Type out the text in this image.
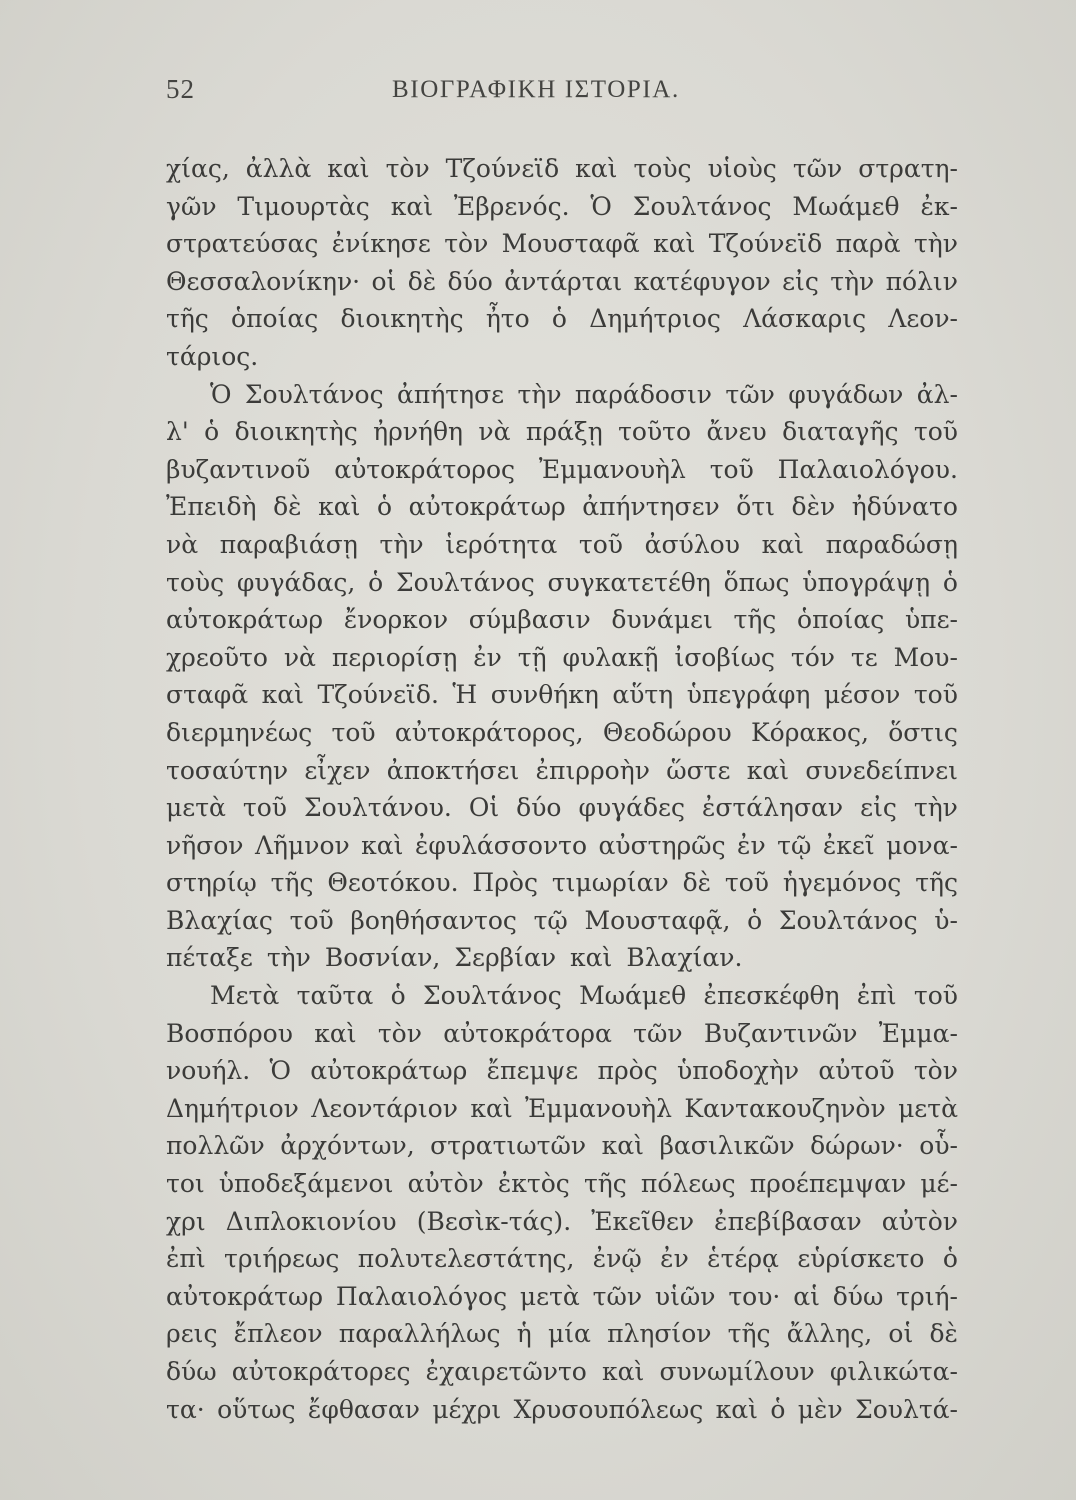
52	ΒΙΟΓΡΑΦΙΚΗ ΙΣΤΟΡΙΑ.
χίας, ἀλλὰ καὶ τὸν Τζούνεϊδ καὶ τοὺς υἱοὺς τῶν στρατη-
γῶν Τιμουρτὰς καὶ Ἐβρενός. Ὁ Σουλτάνος Μωάμεθ ἐκ-
στρατεύσας ἐνίκησε τὸν Μουσταφᾶ καὶ Τζούνεϊδ παρὰ τὴν
Θεσσαλονίκην· οἱ δὲ δύο ἀντάρται κατέφυγον εἰς τὴν πόλιν
τῆς ὁποίας διοικητὴς ἦτο ὁ Δημήτριος Λάσκαρις Λεον-
τάριος.
Ὁ Σουλτάνος ἀπήτησε τὴν παράδοσιν τῶν φυγάδων ἀλ-
λ' ὁ διοικητὴς ἠρνήθη νὰ πράξῃ τοῦτο ἄνευ διαταγῆς τοῦ
βυζαντινοῦ αὐτοκράτορος Ἐμμανουὴλ τοῦ Παλαιολόγου.
Ἐπειδὴ δὲ καὶ ὁ αὐτοκράτωρ ἀπήντησεν ὅτι δὲν ἠδύνατο
νὰ παραβιάσῃ τὴν ἱερότητα τοῦ ἀσύλου καὶ παραδώσῃ
τοὺς φυγάδας, ὁ Σουλτάνος συγκατετέθη ὅπως ὑπογράψῃ ὁ
αὐτοκράτωρ ἔνορκον σύμβασιν δυνάμει τῆς ὁποίας ὑπε-
χρεοῦτο νὰ περιορίσῃ ἐν τῇ φυλακῇ ἰσοβίως τόν τε Μου-
σταφᾶ καὶ Τζούνεϊδ. Ἡ συνθήκη αὕτη ὑπεγράφη μέσον τοῦ
διερμηνέως τοῦ αὐτοκράτορος, Θεοδώρου Κόρακος, ὅστις
τοσαύτην εἶχεν ἀποκτήσει ἐπιρροὴν ὥστε καὶ συνεδείπνει
μετὰ τοῦ Σουλτάνου. Οἱ δύο φυγάδες ἐστάλησαν εἰς τὴν
νῆσον Λῆμνον καὶ ἐφυλάσσοντο αὐστηρῶς ἐν τῷ ἐκεῖ μονα-
στηρίῳ τῆς Θεοτόκου. Πρὸς τιμωρίαν δὲ τοῦ ἡγεμόνος τῆς
Βλαχίας τοῦ βοηθήσαντος τῷ Μουσταφᾷ, ὁ Σουλτάνος ὑ-
πέταξε τὴν Βοσνίαν, Σερβίαν καὶ Βλαχίαν.
Μετὰ ταῦτα ὁ Σουλτάνος Μωάμεθ ἐπεσκέφθη ἐπὶ τοῦ
Βοσπόρου καὶ τὸν αὐτοκράτορα τῶν Βυζαντινῶν Ἐμμα-
νουήλ. Ὁ αὐτοκράτωρ ἔπεμψε πρὸς ὑποδοχὴν αὐτοῦ τὸν
Δημήτριον Λεοντάριον καὶ Ἐμμανουὴλ Καντακουζηνὸν μετὰ
πολλῶν ἀρχόντων, στρατιωτῶν καὶ βασιλικῶν δώρων· οὗ-
τοι ὑποδεξάμενοι αὐτὸν ἐκτὸς τῆς πόλεως προέπεμψαν μέ-
χρι Διπλοκιονίου (Βεσὶκ-τάς). Ἐκεῖθεν ἐπεβίβασαν αὐτὸν
ἐπὶ τριήρεως πολυτελεστάτης, ἐνῷ ἐν ἑτέρᾳ εὑρίσκετο ὁ
αὐτοκράτωρ Παλαιολόγος μετὰ τῶν υἱῶν του· αἱ δύω τριή-
ρεις ἔπλεον παραλλήλως ἡ μία πλησίον τῆς ἄλλης, οἱ δὲ
δύω αὐτοκράτορες ἐχαιρετῶντο καὶ συνωμίλουν φιλικώτα-
τα· οὕτως ἔφθασαν μέχρι Χρυσουπόλεως καὶ ὁ μὲν Σουλτά-
